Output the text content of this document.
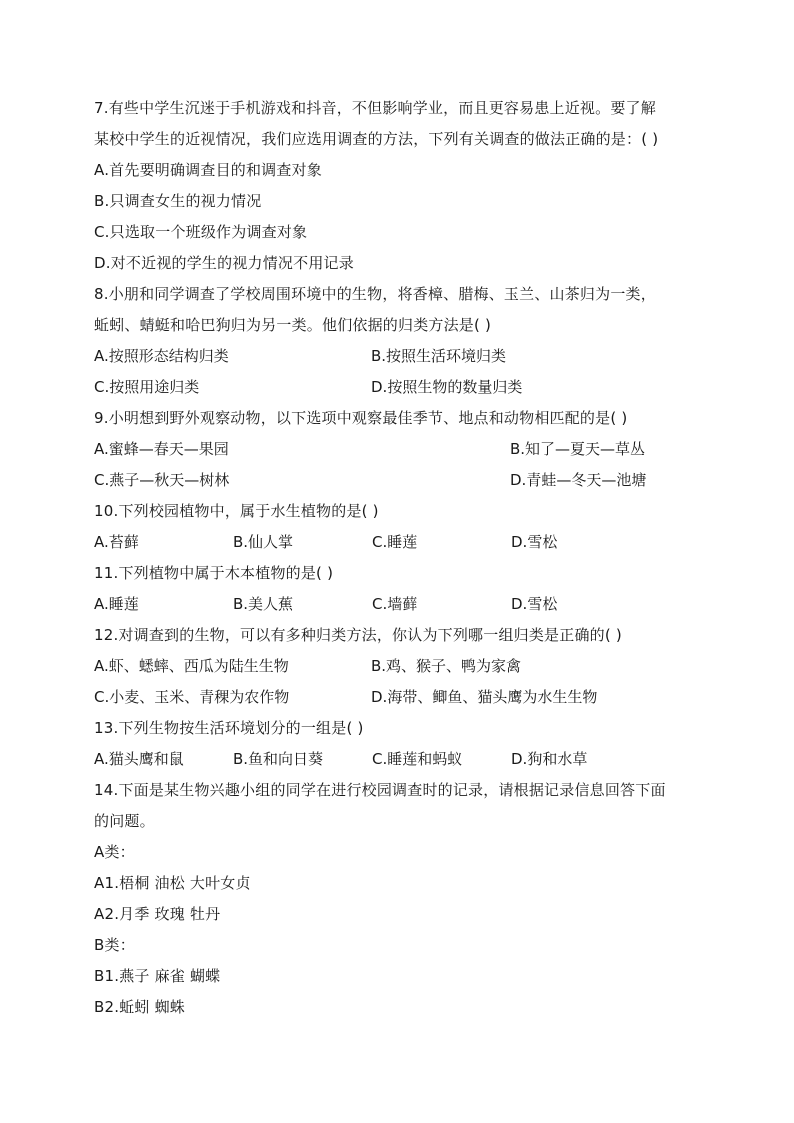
7.有些中学生沉迷于手机游戏和抖音，不但影响学业，而且更容易患上近视。要了解
某校中学生的近视情况，我们应选用调查的方法，下列有关调查的做法正确的是：( )
A.首先要明确调查目的和调查对象
B.只调查女生的视力情况
C.只选取一个班级作为调查对象
D.对不近视的学生的视力情况不用记录
8.小朋和同学调查了学校周围环境中的生物，将香樟、腊梅、玉兰、山茶归为一类，
蚯蚓、蜻蜓和哈巴狗归为另一类。他们依据的归类方法是( )
A.按照形态结构归类	B.按照生活环境归类
C.按照用途归类	D.按照生物的数量归类
9.小明想到野外观察动物，以下选项中观察最佳季节、地点和动物相匹配的是( )
A.蜜蜂—春天—果园	B.知了—夏天—草丛
C.燕子—秋天—树林	D.青蛙—冬天—池塘
10.下列校园植物中，属于水生植物的是( )
A.苔藓	B.仙人掌	C.睡莲	D.雪松
11.下列植物中属于木本植物的是( )
A.睡莲	B.美人蕉	C.墙藓	D.雪松
12.对调查到的生物，可以有多种归类方法，你认为下列哪一组归类是正确的( )
A.虾、蟋蟀、西瓜为陆生生物	B.鸡、猴子、鸭为家禽
C.小麦、玉米、青稞为农作物	D.海带、鲫鱼、猫头鹰为水生生物
13.下列生物按生活环境划分的一组是( )
A.猫头鹰和鼠	B.鱼和向日葵	C.睡莲和蚂蚁	D.狗和水草
14.下面是某生物兴趣小组的同学在进行校园调查时的记录，请根据记录信息回答下面
的问题。
A类：
A1.梧桐 油松 大叶女贞
A2.月季 玫瑰 牡丹
B类：
B1.燕子 麻雀 蝴蝶
B2.蚯蚓 蜘蛛
